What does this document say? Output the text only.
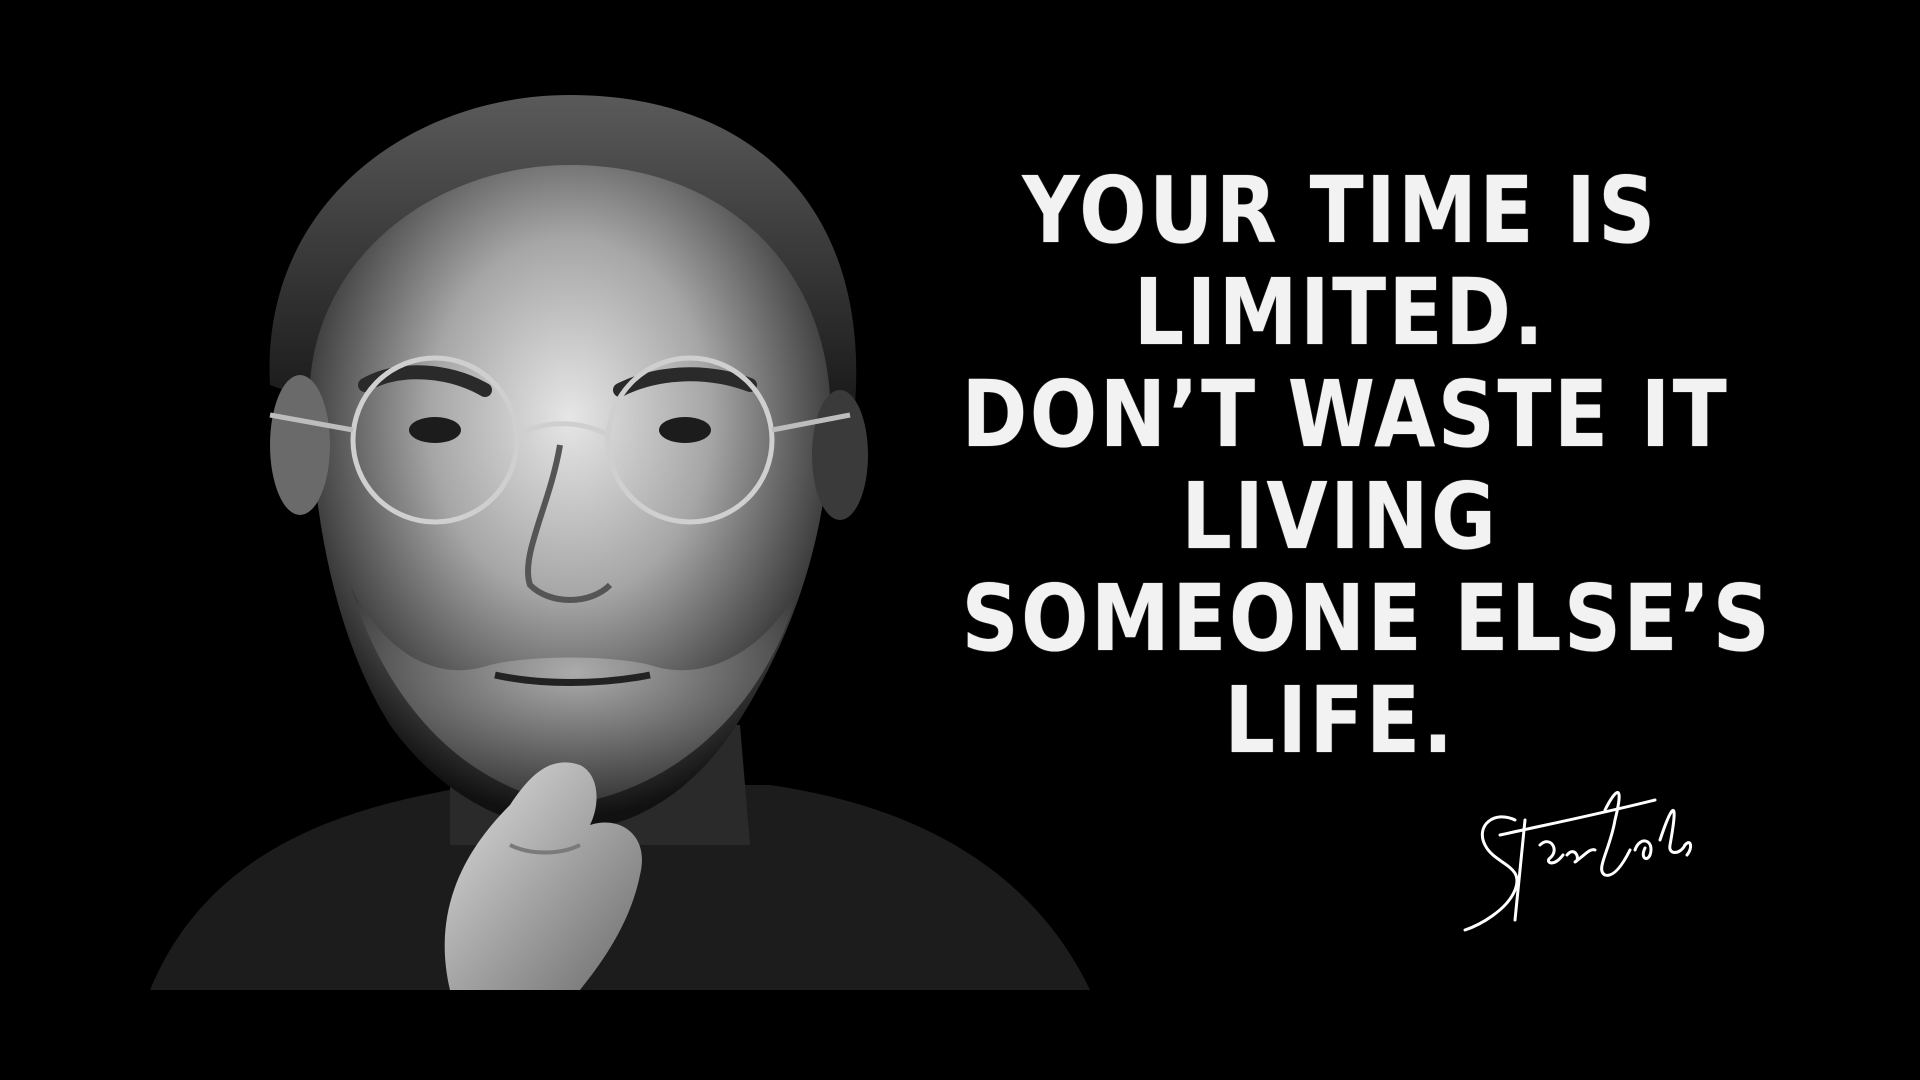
YOUR TIME IS
LIMITED.
DON’T WASTE IT
LIVING
SOMEONE ELSE’S
LIFE.
